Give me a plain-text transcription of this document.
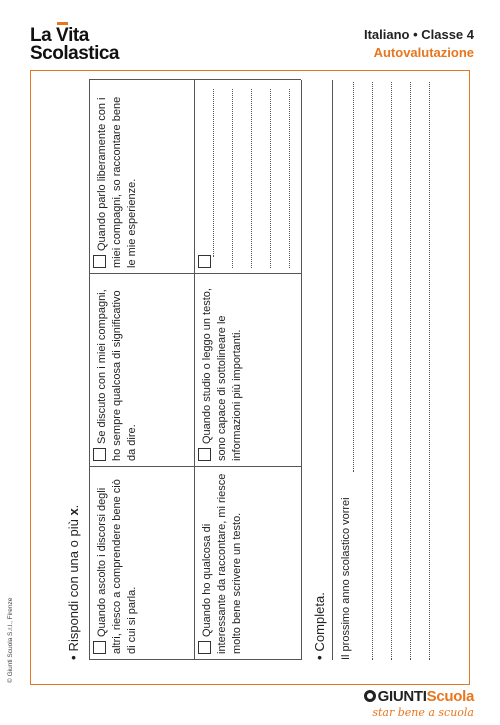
La Vita
Scolastica
Italiano • Classe 4
Autovalutazione
•Rispondi con una o più x.	Quando ascolto i discorsi degli altri, riesco a comprendere bene ciò di cui si parla.
Se discuto con i miei compagni, ho sempre qualcosa di significativo da dire.
Quando parlo liberamente con i miei compagni, so raccontare bene le mie esperienze.
Quando ho qualcosa di interessante da raccontare, mi riesce molto bene scrivere un testo.
Quando studio o leggo un testo, sono capace di sottolineare le informazioni più importanti.
•Completa. Il prossimo anno scolastico vorrei
© Giunti Scuola S.r.l., Firenze
GIUNTIScuola
star bene a scuola
